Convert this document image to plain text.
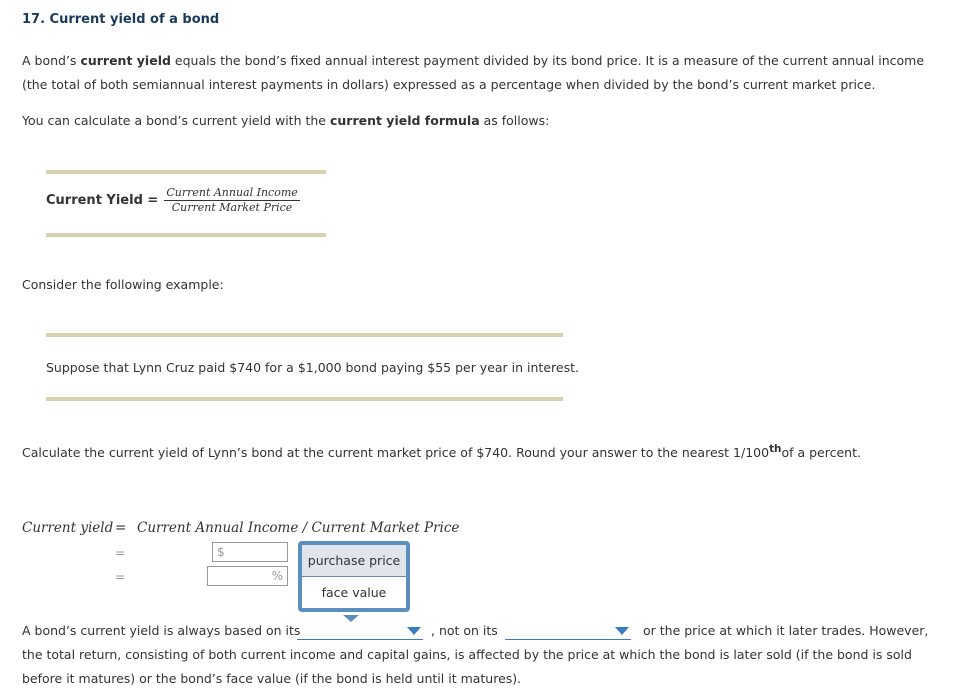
17. Current yield of a bond

A bond’s current yield equals the bond’s fixed annual interest payment divided by its bond price. It is a measure of the current annual income (the total of both semiannual interest payments in dollars) expressed as a percentage when divided by the bond’s current market price.

You can calculate a bond’s current yield with the current yield formula as follows:

Current Yield = $\frac{\text{Current Annual Income}}{\text{Current Market Price}}$
Consider the following example:
Suppose that Lynn Cruz paid $740 for a $1,000 bond paying $55 per year in interest.
Calculate the current yield of Lynn’s bond at the current market price of $740. Round your answer to the nearest 1/100thof a percent.
Current yield = Current Annual Income / Current Market Price
=
=
$
%
purchase price
face value
A bond’s current yield is always based on its	, not on its	or the price at which it later trades. However,
the total return, consisting of both current income and capital gains, is affected by the price at which the bond is later sold (if the bond is sold before it matures) or the bond’s face value (if the bond is held until it matures).
